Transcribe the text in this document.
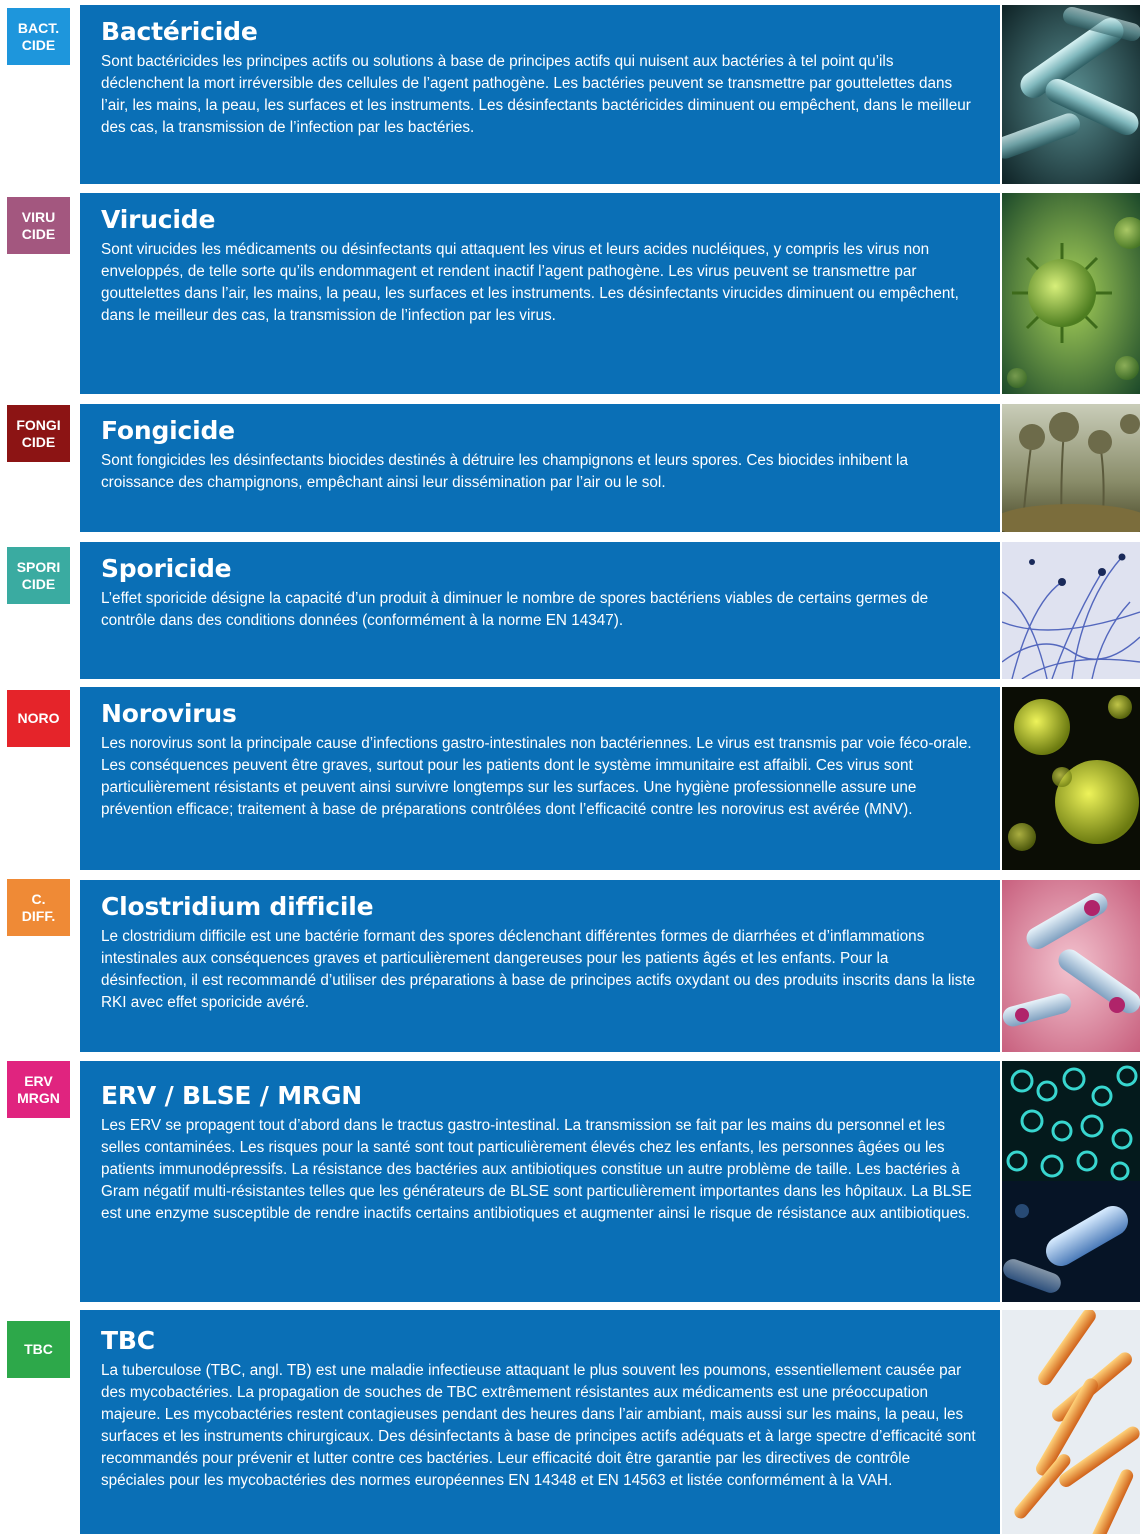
BACT.
CIDE Bactéricide

Sont bactéricides les principes actifs ou solutions à base de principes actifs qui nuisent aux bactéries à tel point qu’ils déclenchent la mort irréversible des cellules de l’agent pathogène. Les bactéries peuvent se transmettre par gouttelettes dans l’air, les mains, la peau, les surfaces et les instruments. Les désinfectants bactéricides diminuent ou empêchent, dans le meilleur des cas, la transmission de l’infection par les bactéries.

VIRU
CIDE Virucide

Sont virucides les médicaments ou désinfectants qui attaquent les virus et leurs acides nucléiques, y compris les virus non enveloppés, de telle sorte qu’ils endommagent et rendent inactif l’agent pathogène. Les virus peuvent se transmettre par gouttelettes dans l’air, les mains, la peau, les surfaces et les instruments. Les désinfectants virucides diminuent ou empêchent, dans le meilleur des cas, la transmission de l’infection par les virus.

FONGI
CIDE Fongicide

Sont fongicides les désinfectants biocides destinés à détruire les champignons et leurs spores. Ces biocides inhibent la croissance des champignons, empêchant ainsi leur dissémination par l’air ou le sol.

SPORI
CIDE
Sporicide

L’effet sporicide désigne la capacité d’un produit à diminuer le nombre de spores bactériens viables de certains germes de contrôle dans des conditions données (conformément à la norme EN 14347).

NORO Norovirus

Les norovirus sont la principale cause d’infections gastro-intestinales non bactériennes. Le virus est transmis par voie féco-orale. Les conséquences peuvent être graves, surtout pour les patients dont le système immunitaire est affaibli. Ces virus sont particulièrement résistants et peuvent ainsi survivre longtemps sur les surfaces. Une hygiène professionnelle assure une prévention efficace; traitement à base de préparations contrôlées dont l’efficacité contre les norovirus est avérée (MNV).

C.
DIFF. Clostridium difficile

Le clostridium difficile est une bactérie formant des spores déclenchant différentes formes de diarrhées et d’inflammations intestinales aux conséquences graves et particulièrement dangereuses pour les patients âgés et les enfants. Pour la désinfection, il est recommandé d’utiliser des préparations à base de principes actifs oxydant ou des produits inscrits dans la liste RKI avec effet sporicide avéré.

ERV
MRGN ERV / BLSE / MRGN

Les ERV se propagent tout d’abord dans le tractus gastro-intestinal. La transmission se fait par les mains du personnel et les selles contaminées. Les risques pour la santé sont tout particulièrement élevés chez les enfants, les personnes âgées ou les patients immunodépressifs. La résistance des bactéries aux antibiotiques constitue un autre problème de taille. Les bactéries à Gram négatif multi-résistantes telles que les générateurs de BLSE sont particulièrement importantes dans les hôpitaux. La BLSE est une enzyme susceptible de rendre inactifs certains antibiotiques et augmenter ainsi le risque de résistance aux antibiotiques.

TBC TBC

La tuberculose (TBC, angl. TB) est une maladie infectieuse attaquant le plus souvent les poumons, essentiellement causée par des mycobactéries. La propagation de souches de TBC extrêmement résistantes aux médicaments est une préoccupation majeure. Les mycobactéries restent contagieuses pendant des heures dans l’air ambiant, mais aussi sur les mains, la peau, les surfaces et les instruments chirurgicaux. Des désinfectants à base de principes actifs adéquats et à large spectre d’efficacité sont recommandés pour prévenir et lutter contre ces bactéries. Leur efficacité doit être garantie par les directives de contrôle spéciales pour les mycobactéries des normes européennes EN 14348 et EN 14563 et listée conformément à la VAH.
